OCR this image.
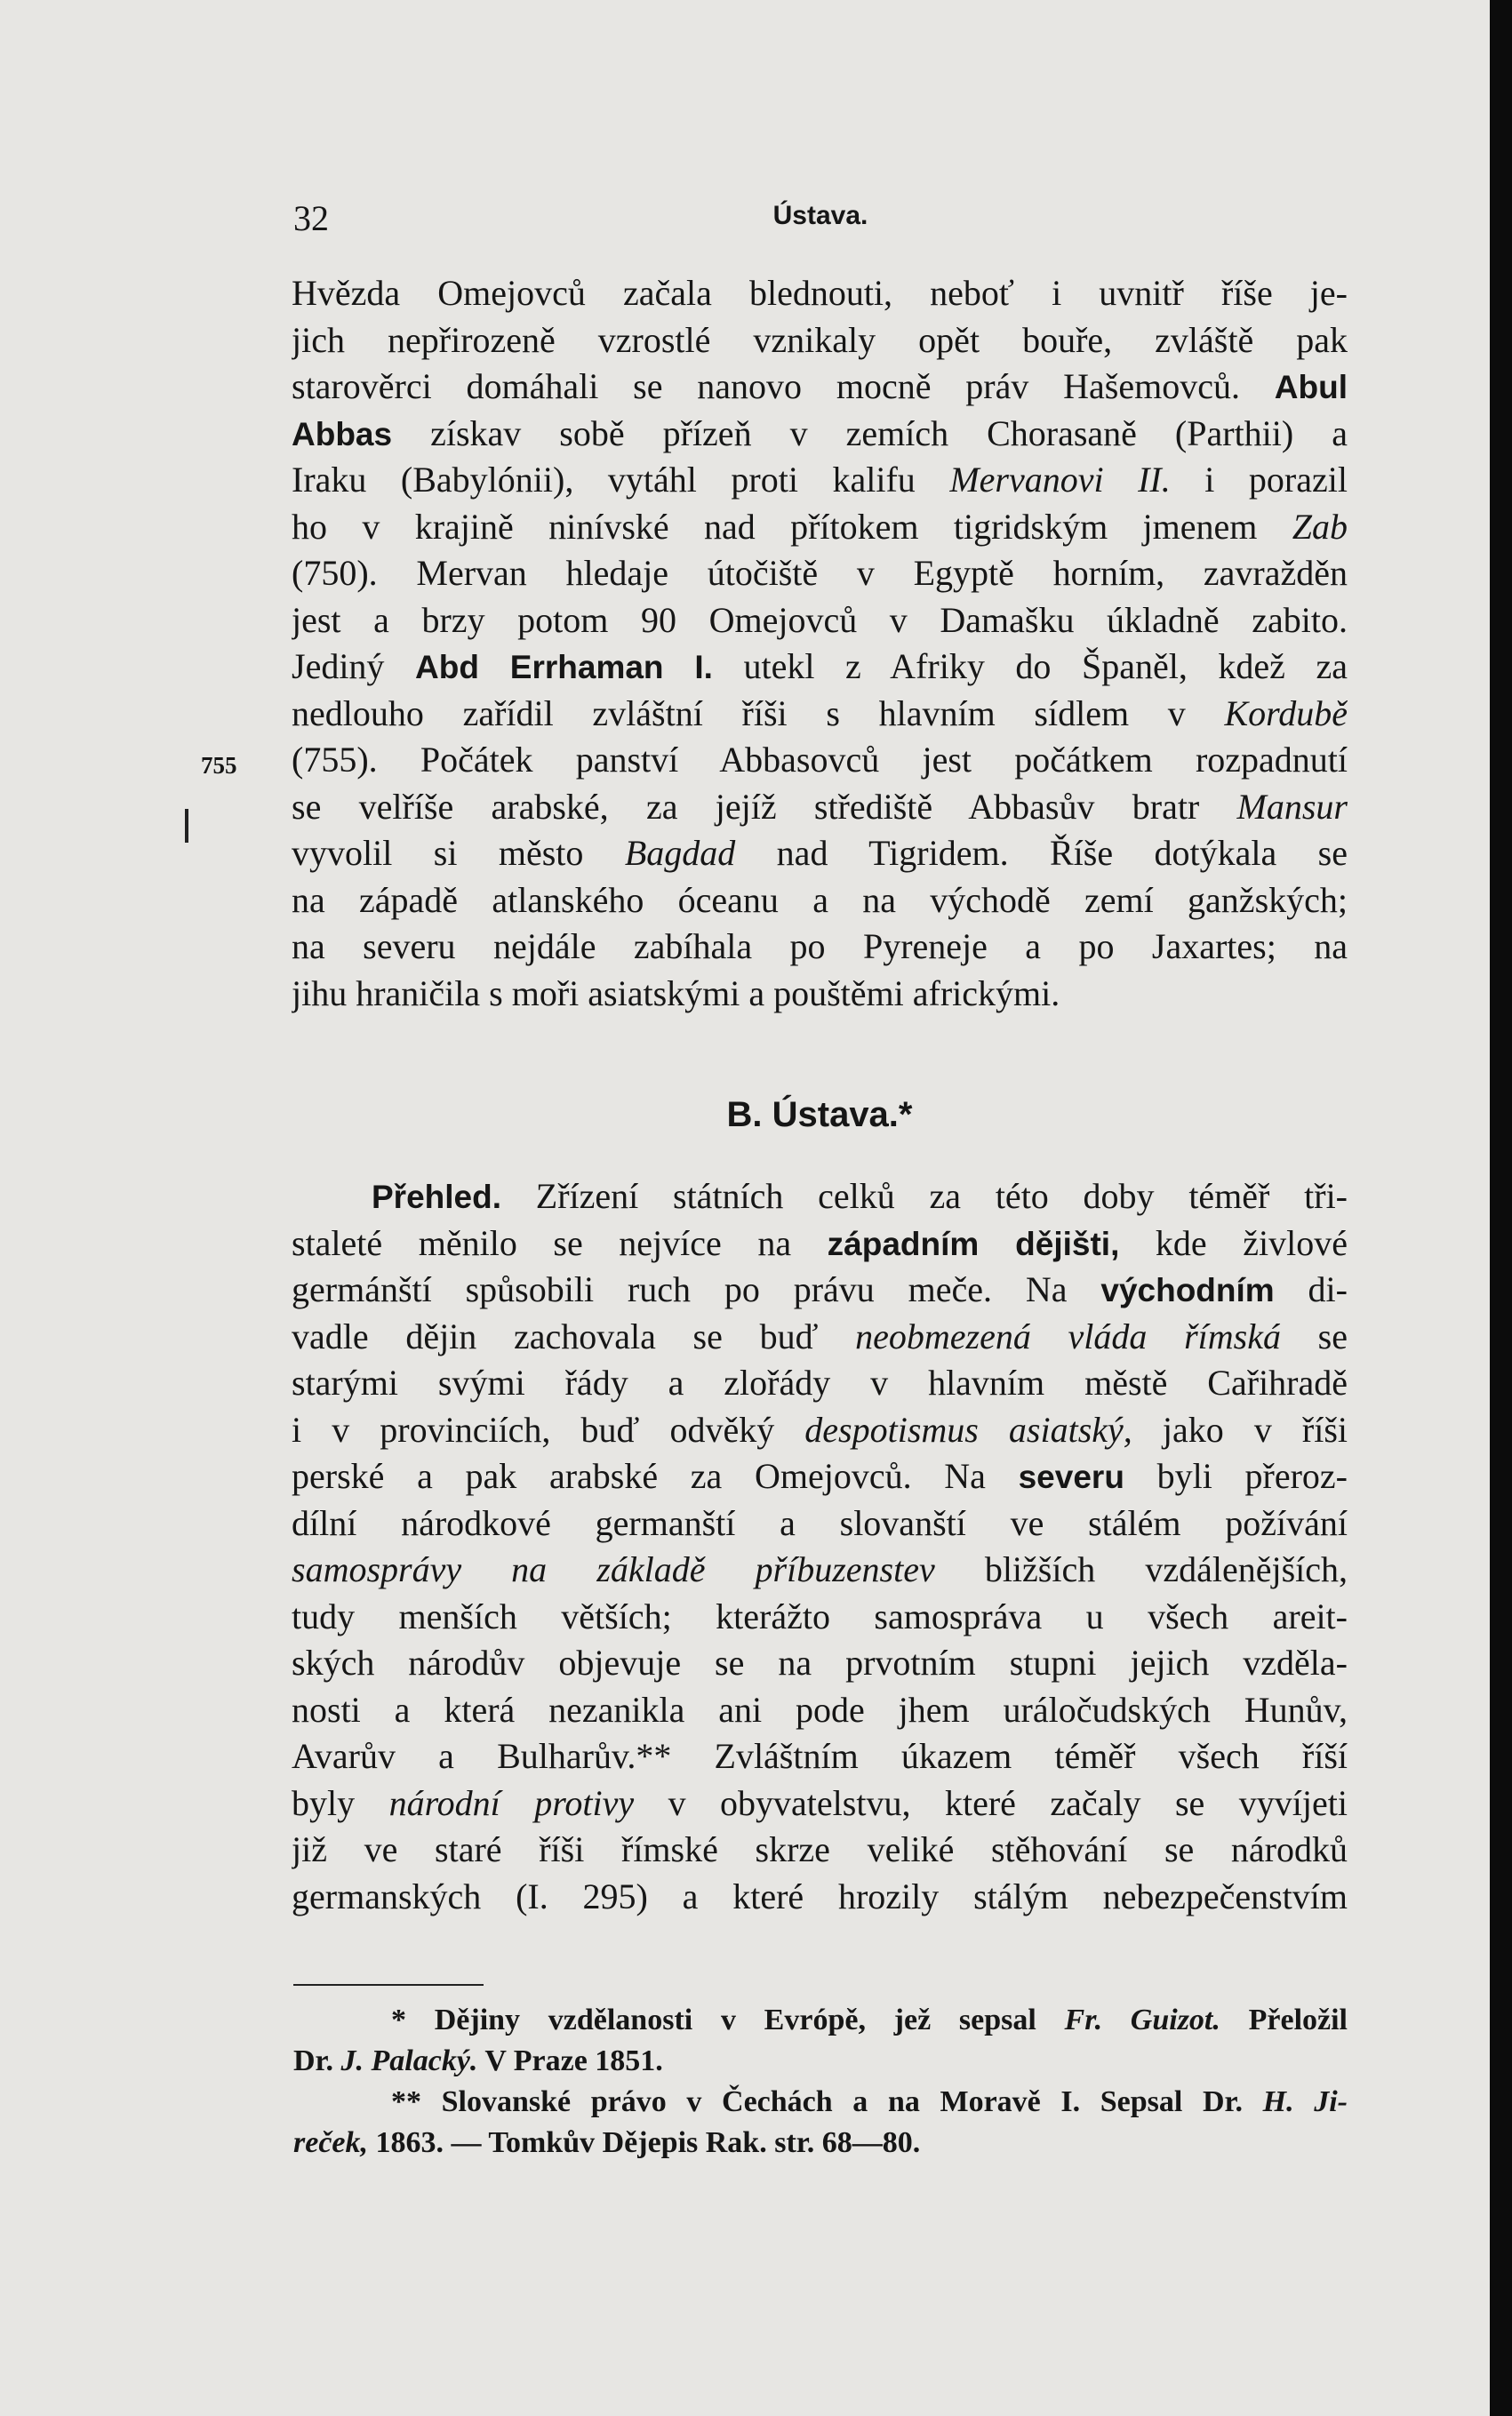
32	Ústava.
755
Hvězda Omejovců začala blednouti, neboť i uvnitř říše je-
jich nepřirozeně vzrostlé vznikaly opět bouře, zvláště pak
starověrci domáhali se nanovo mocně práv Hašemovců. Abul
Abbas získav sobě přízeň v zemích Chorasaně (Parthii) a
Iraku (Babylónii), vytáhl proti kalifu Mervanovi II. i porazil
ho v krajině ninívské nad přítokem tigridským jmenem Zab
(750). Mervan hledaje útočiště v Egyptě horním, zavražděn
jest a brzy potom 90 Omejovců v Damašku úkladně zabito.
Jediný Abd Errhaman I. utekl z Afriky do Španěl, kdež za
nedlouho zařídil zvláštní říši s hlavním sídlem v Kordubě
(755). Počátek panství Abbasovců jest počátkem rozpadnutí
se velříše arabské, za jejíž střediště Abbasův bratr Mansur
vyvolil si město Bagdad nad Tigridem. Říše dotýkala se
na západě atlanského óceanu a na východě zemí ganžských;
na severu nejdále zabíhala po Pyreneje a po Jaxartes; na
jihu hraničila s moři asiatskými a pouštěmi africkými.
B. Ústava.*
Přehled. Zřízení státních celků za této doby téměř tři-
staleté měnilo se nejvíce na západním dějišti, kde živlové
germánští spůsobili ruch po právu meče. Na východním di-
vadle dějin zachovala se buď neobmezená vláda římská se
starými svými řády a zlořády v hlavním městě Cařihradě
i v provinciích, buď odvěký despotismus asiatský, jako v říši
perské a pak arabské za Omejovců. Na severu byli přeroz-
dílní národkové germanští a slovanští ve stálém požívání
samosprávy na základě příbuzenstev bližších vzdálenějších,
tudy menších větších; kterážto samospráva u všech areit-
ských národův objevuje se na prvotním stupni jejich vzděla-
nosti a která nezanikla ani pode jhem uráločudských Hunův,
Avarův a Bulharův.** Zvláštním úkazem téměř všech říší
byly národní protivy v obyvatelstvu, které začaly se vyvíjeti
již ve staré říši římské skrze veliké stěhování se národků
germanských (I. 295) a které hrozily stálým nebezpečenstvím
* Dějiny vzdělanosti v Evrópě, jež sepsal Fr. Guizot. Přeložil
Dr. J. Palacký. V Praze 1851.
** Slovanské právo v Čechách a na Moravě I. Sepsal Dr. H. Ji-
reček, 1863. — Tomkův Dějepis Rak. str. 68—80.
